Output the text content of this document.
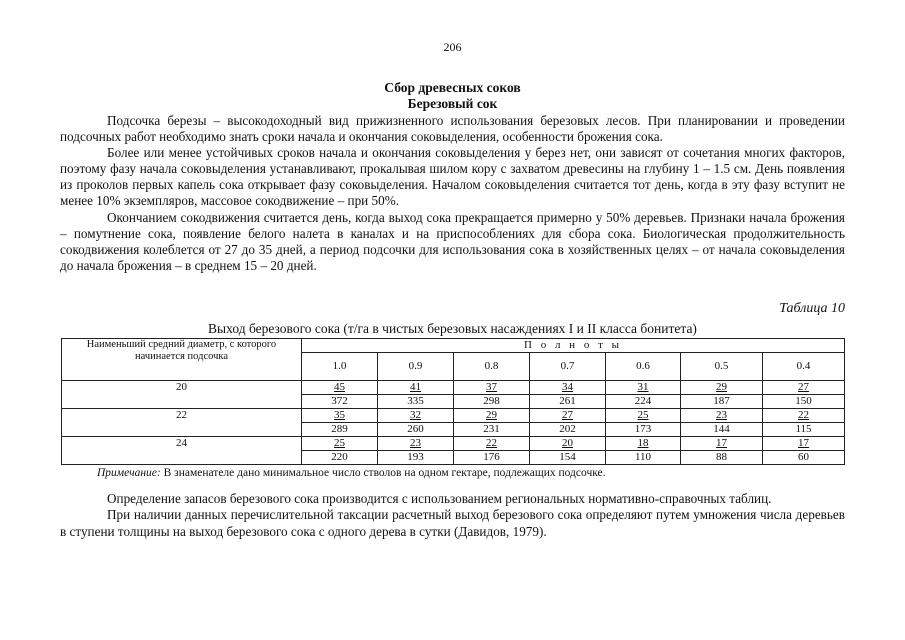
206
Сбор древесных соков
Березовый сок

Подсочка березы – высокодоходный вид прижизненного использования березовых лесов. При планировании и проведении подсочных работ необходимо знать сроки начала и окончания соковыделения, особенности брожения сока.

Более или менее устойчивых сроков начала и окончания соковыделения у берез нет, они зависят от сочетания многих факторов, поэтому фазу начала соковыделения устанавливают, прокалывая шилом кору с захватом древесины на глубину 1 – 1.5 см. День появления из проколов первых капель сока открывает фазу соковыделения. Началом соковыделения считается тот день, когда в эту фазу вступит не менее 10% экземпляров, массовое сокодвижение – при 50%.

Окончанием сокодвижения считается день, когда выход сока прекращается примерно у 50% деревьев. Признаки начала брожения – помутнение сока, появление белого налета в каналах и на приспособлениях для сбора сока. Биологическая продолжительность сокодвижения колеблется от 27 до 35 дней, а период подсочки для использования сока в хозяйственных целях – от начала соковыделения до начала брожения – в среднем 15 – 20 дней.

Таблица 10
Выход березового сока (т/га в чистых березовых насаждениях I и II класса бонитета)
Наименьший средний диаметр, с которого начинается подсочка	П о л н о т ы						
	1.0	0.9	0.8	0.7	0.6	0.5	0.4
20	45	41	37	34	31	29	27
	372	335	298	261	224	187	150
22	35	32	29	27	25	23	22
	289	260	231	202	173	144	115
24	25	23	22	20	18	17	17
	220	193	176	154	110	88	60
Примечание: В знаменателе дано минимальное число стволов на одном гектаре, подлежащих подсочке.

Определение запасов березового сока производится с использованием региональных нормативно-справочных таблиц.

При наличии данных перечислительной таксации расчетный выход березового сока определяют путем умножения числа деревьев в ступени толщины на выход березового сока с одного дерева в сутки (Давидов, 1979).
